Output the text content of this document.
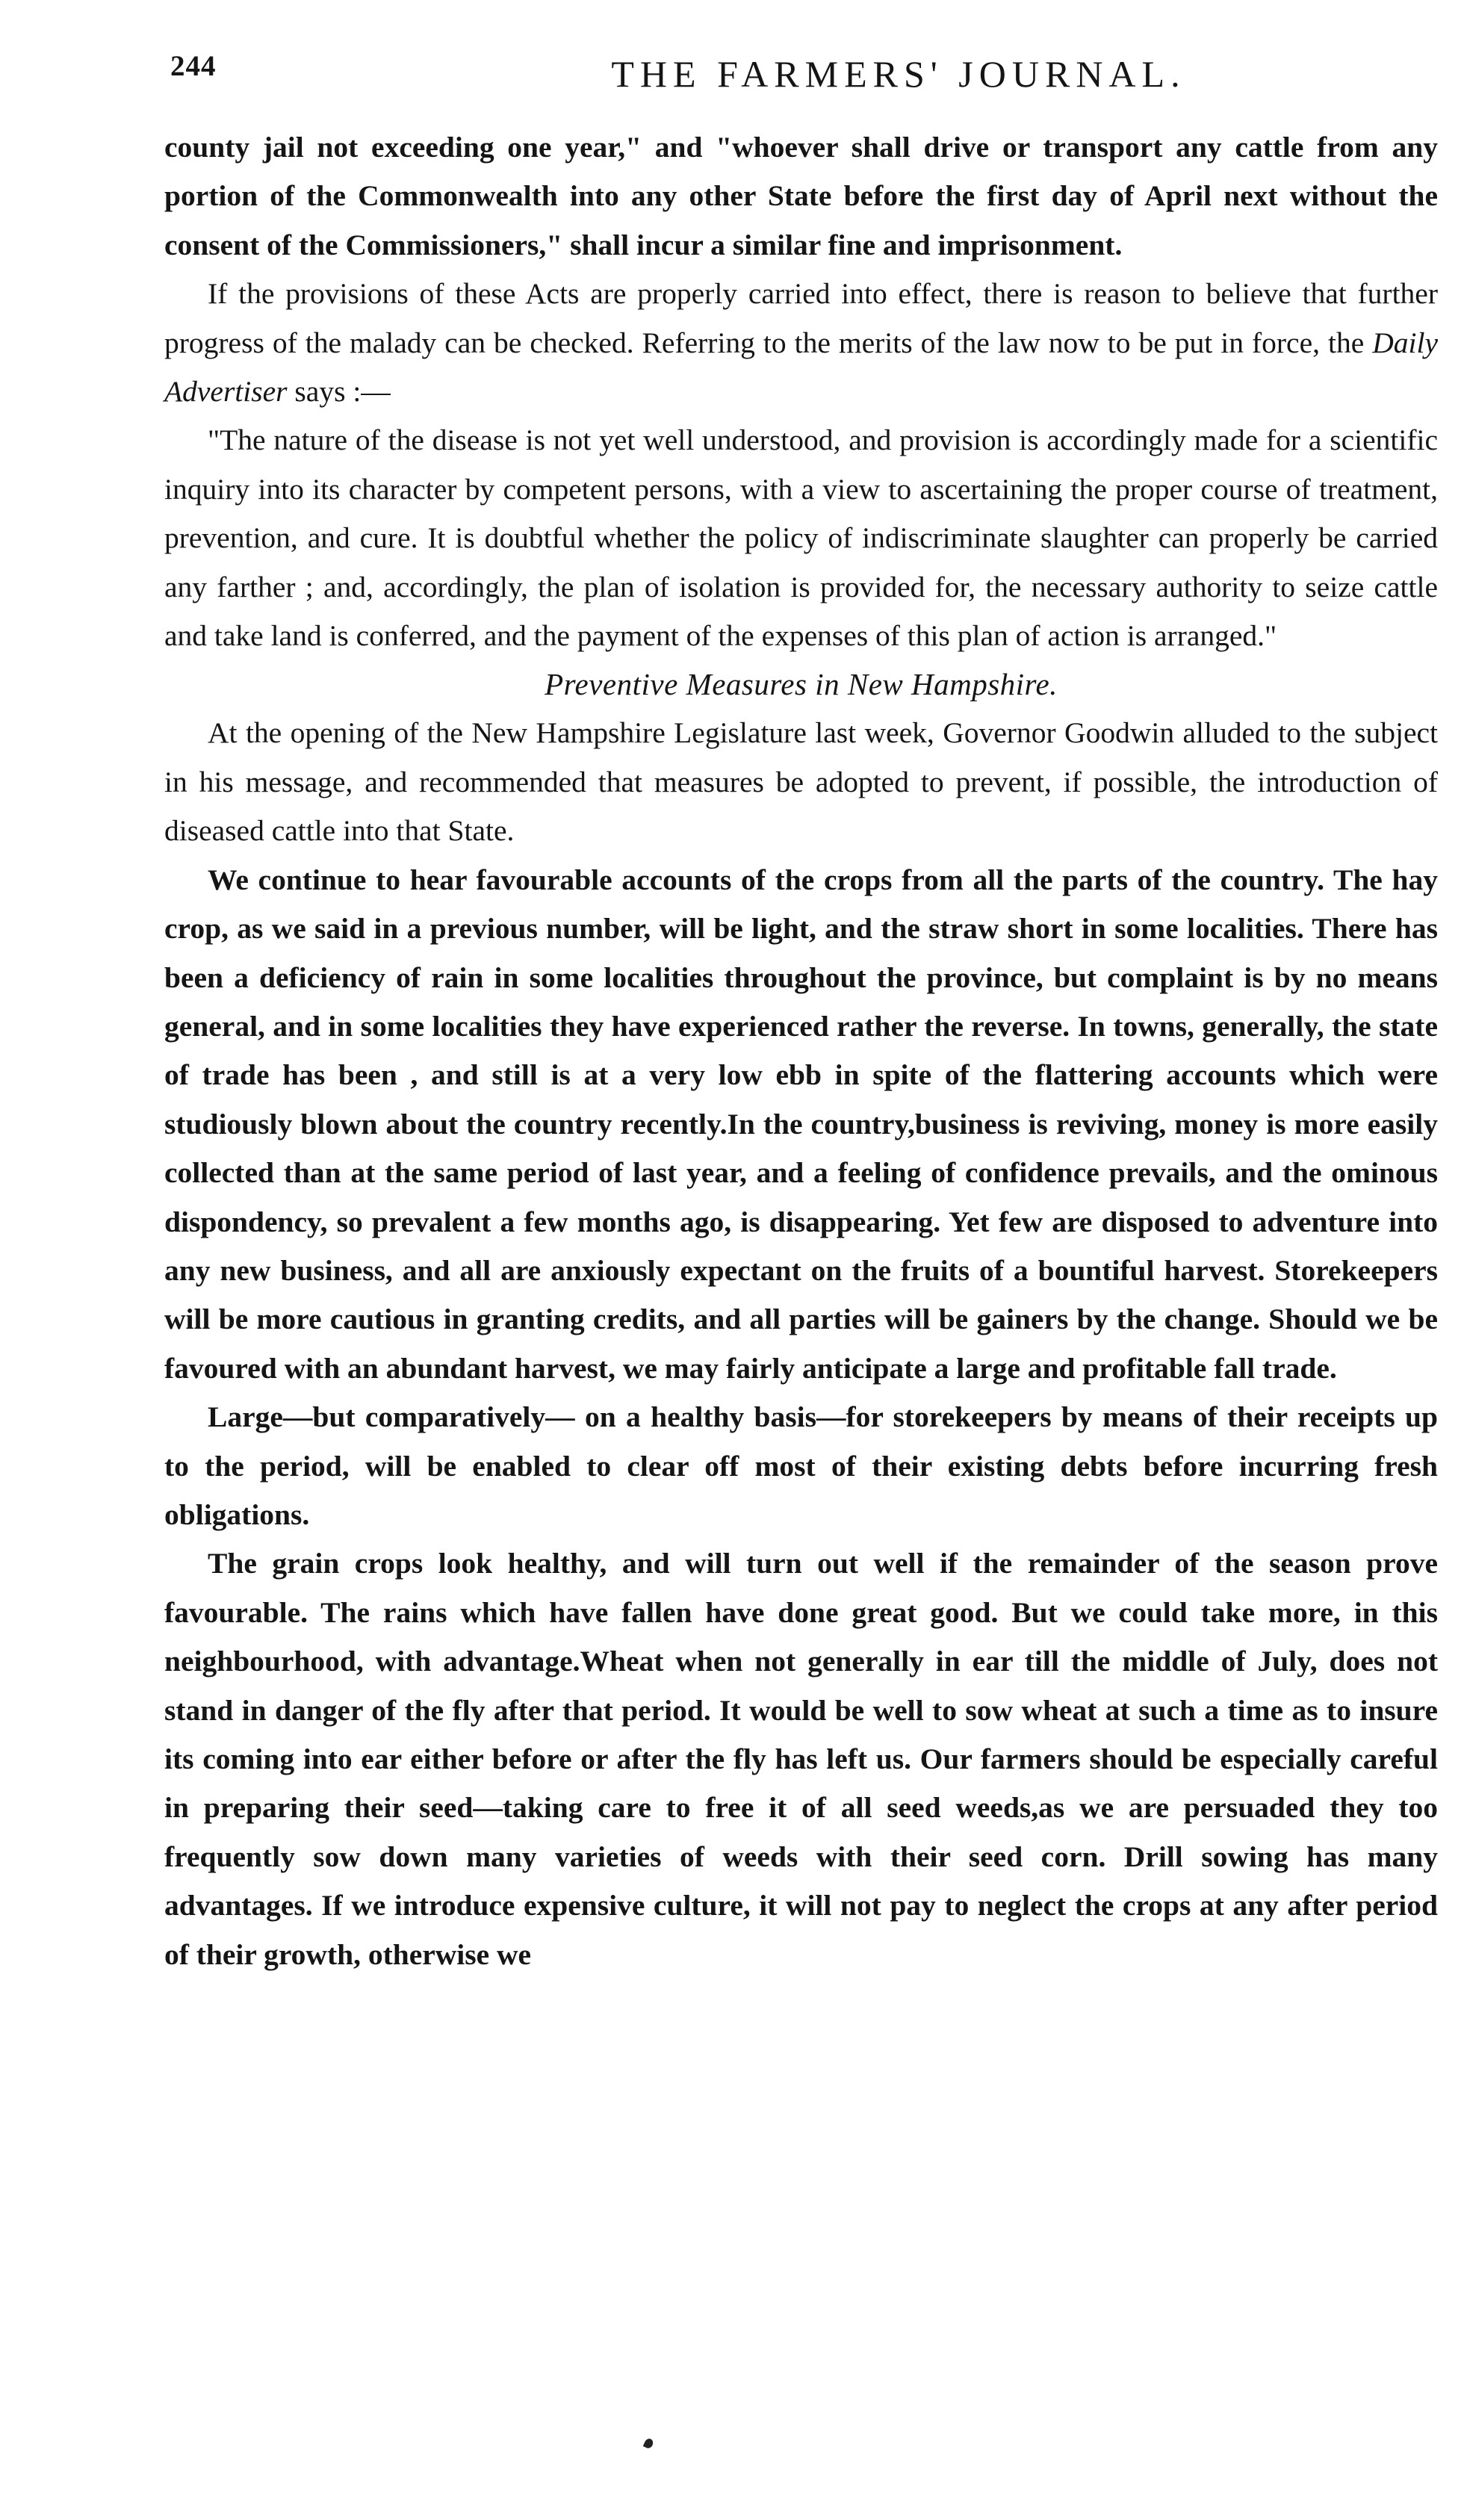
244	THE FARMERS' JOURNAL.

county jail not exceeding one year," and "whoever shall drive or transport any cattle from any portion of the Commonwealth into any other State before the first day of April next without the consent of the Commissioners," shall incur a similar fine and imprisonment.

If the provisions of these Acts are properly carried into effect, there is reason to believe that further progress of the malady can be checked. Referring to the merits of the law now to be put in force, the Daily Advertiser says :—

"The nature of the disease is not yet well understood, and provision is accordingly made for a scientific inquiry into its character by competent persons, with a view to ascertaining the proper course of treatment, prevention, and cure. It is doubtful whether the policy of indiscriminate slaughter can properly be carried any farther ; and, accordingly, the plan of isolation is provided for, the necessary authority to seize cattle and take land is conferred, and the payment of the expenses of this plan of action is arranged."

Preventive Measures in New Hampshire.

At the opening of the New Hampshire Legislature last week, Governor Goodwin alluded to the subject in his message, and recommended that measures be adopted to prevent, if possible, the introduction of diseased cattle into that State.

We continue to hear favourable accounts of the crops from all the parts of the country. The hay crop, as we said in a previous number, will be light, and the straw short in some localities. There has been a deficiency of rain in some localities throughout the province, but complaint is by no means general, and in some localities they have experienced rather the reverse. In towns, generally, the state of trade has been , and still is at a very low ebb in spite of the flattering accounts which were studiously blown about the country recently.In the country,business is reviving, money is more easily collected than at the same period of last year, and a feeling of confidence prevails, and the ominous dispondency, so prevalent a few months ago, is disappearing. Yet few are disposed to adventure into any new business, and all are anxiously expectant on the fruits of a bountiful harvest. Storekeepers will be more cautious in granting credits, and all parties will be gainers by the change. Should we be favoured with an abundant harvest, we may fairly anticipate a large and profitable fall trade.

Large—but comparatively— on a healthy basis—for storekeepers by means of their receipts up to the period, will be enabled to clear off most of their existing debts before incurring fresh obligations.

The grain crops look healthy, and will turn out well if the remainder of the season prove favourable. The rains which have fallen have done great good. But we could take more, in this neighbourhood, with advantage.Wheat when not generally in ear till the middle of July, does not stand in danger of the fly after that period. It would be well to sow wheat at such a time as to insure its coming into ear either before or after the fly has left us. Our farmers should be especially careful in preparing their seed—taking care to free it of all seed weeds,as we are persuaded they too frequently sow down many varieties of weeds with their seed corn. Drill sowing has many advantages. If we introduce expensive culture, it will not pay to neglect the crops at any after period of their growth, otherwise we
